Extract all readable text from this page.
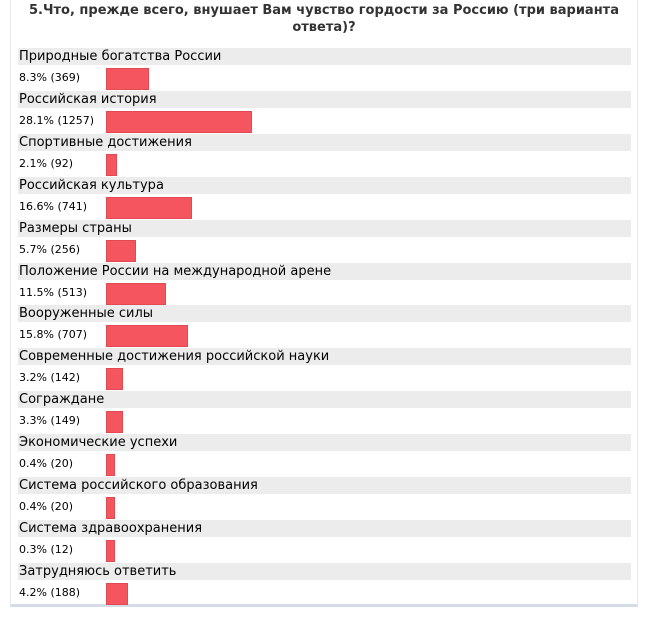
5.Что, прежде всего, внушает Вам чувство гордости за Россию (три варианта ответа)?
Природные богатства России
8.3% (369)
Российская история
28.1% (1257)
Спортивные достижения
2.1% (92)
Российская культура
16.6% (741)
Размеры страны
5.7% (256)
Положение России на международной арене
11.5% (513)
Вооруженные силы
15.8% (707)
Современные достижения российской науки
3.2% (142)
Сограждане
3.3% (149)
Экономические успехи
0.4% (20)
Система российского образования
0.4% (20)
Система здравоохранения
0.3% (12)
Затрудняюсь ответить
4.2% (188)
